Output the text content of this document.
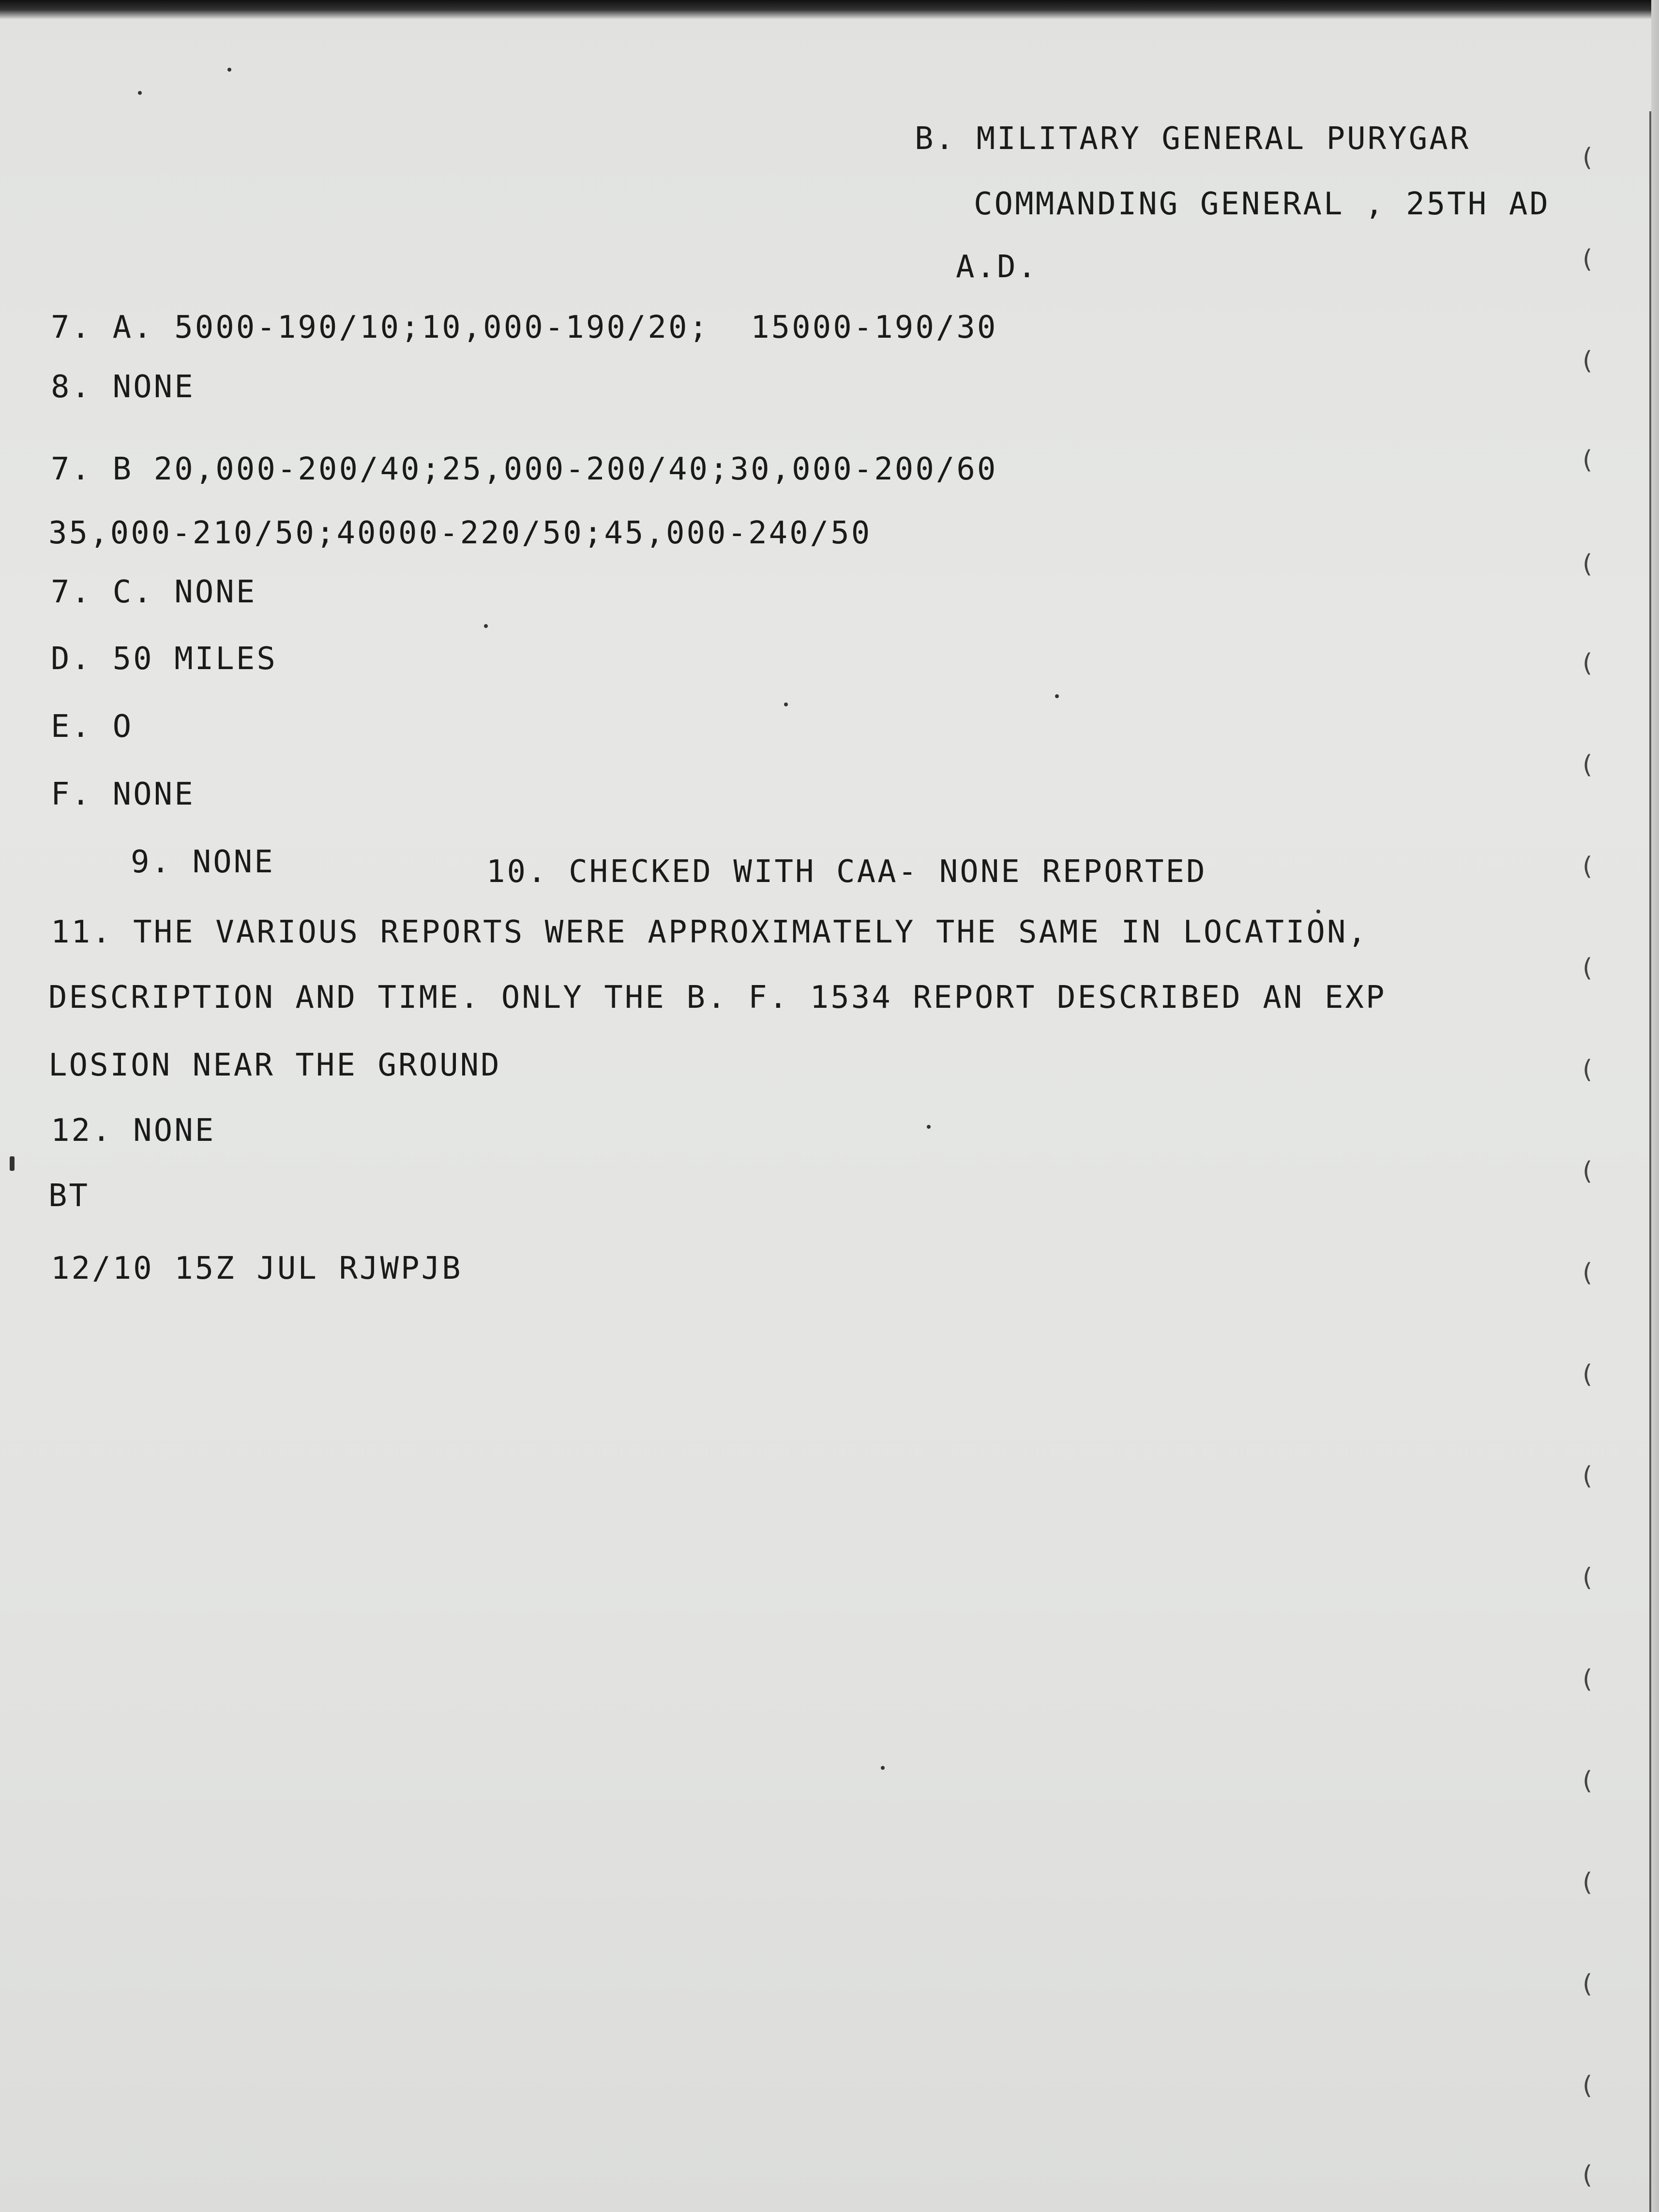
B. MILITARY GENERAL PURYGAR
COMMANDING GENERAL , 25TH AD
A.D.
7. A. 5000-190/10;10,000-190/20;  15000-190/30
8. NONE
7. B 20,000-200/40;25,000-200/40;30,000-200/60
35,000-210/50;40000-220/50;45,000-240/50
7. C. NONE
D. 50 MILES
E. O
F. NONE
9. NONE	10. CHECKED WITH CAA- NONE REPORTED
11. THE VARIOUS REPORTS WERE APPROXIMATELY THE SAME IN LOCATION,
DESCRIPTION AND TIME. ONLY THE B. F. 1534 REPORT DESCRIBED AN EXP
LOSION NEAR THE GROUND
12. NONE
BT
12/10 15Z JUL RJWPJB
(
(
(
(
(
(
(
(
(
(
(
(
(
(
(
(
(
(
(
(
(
